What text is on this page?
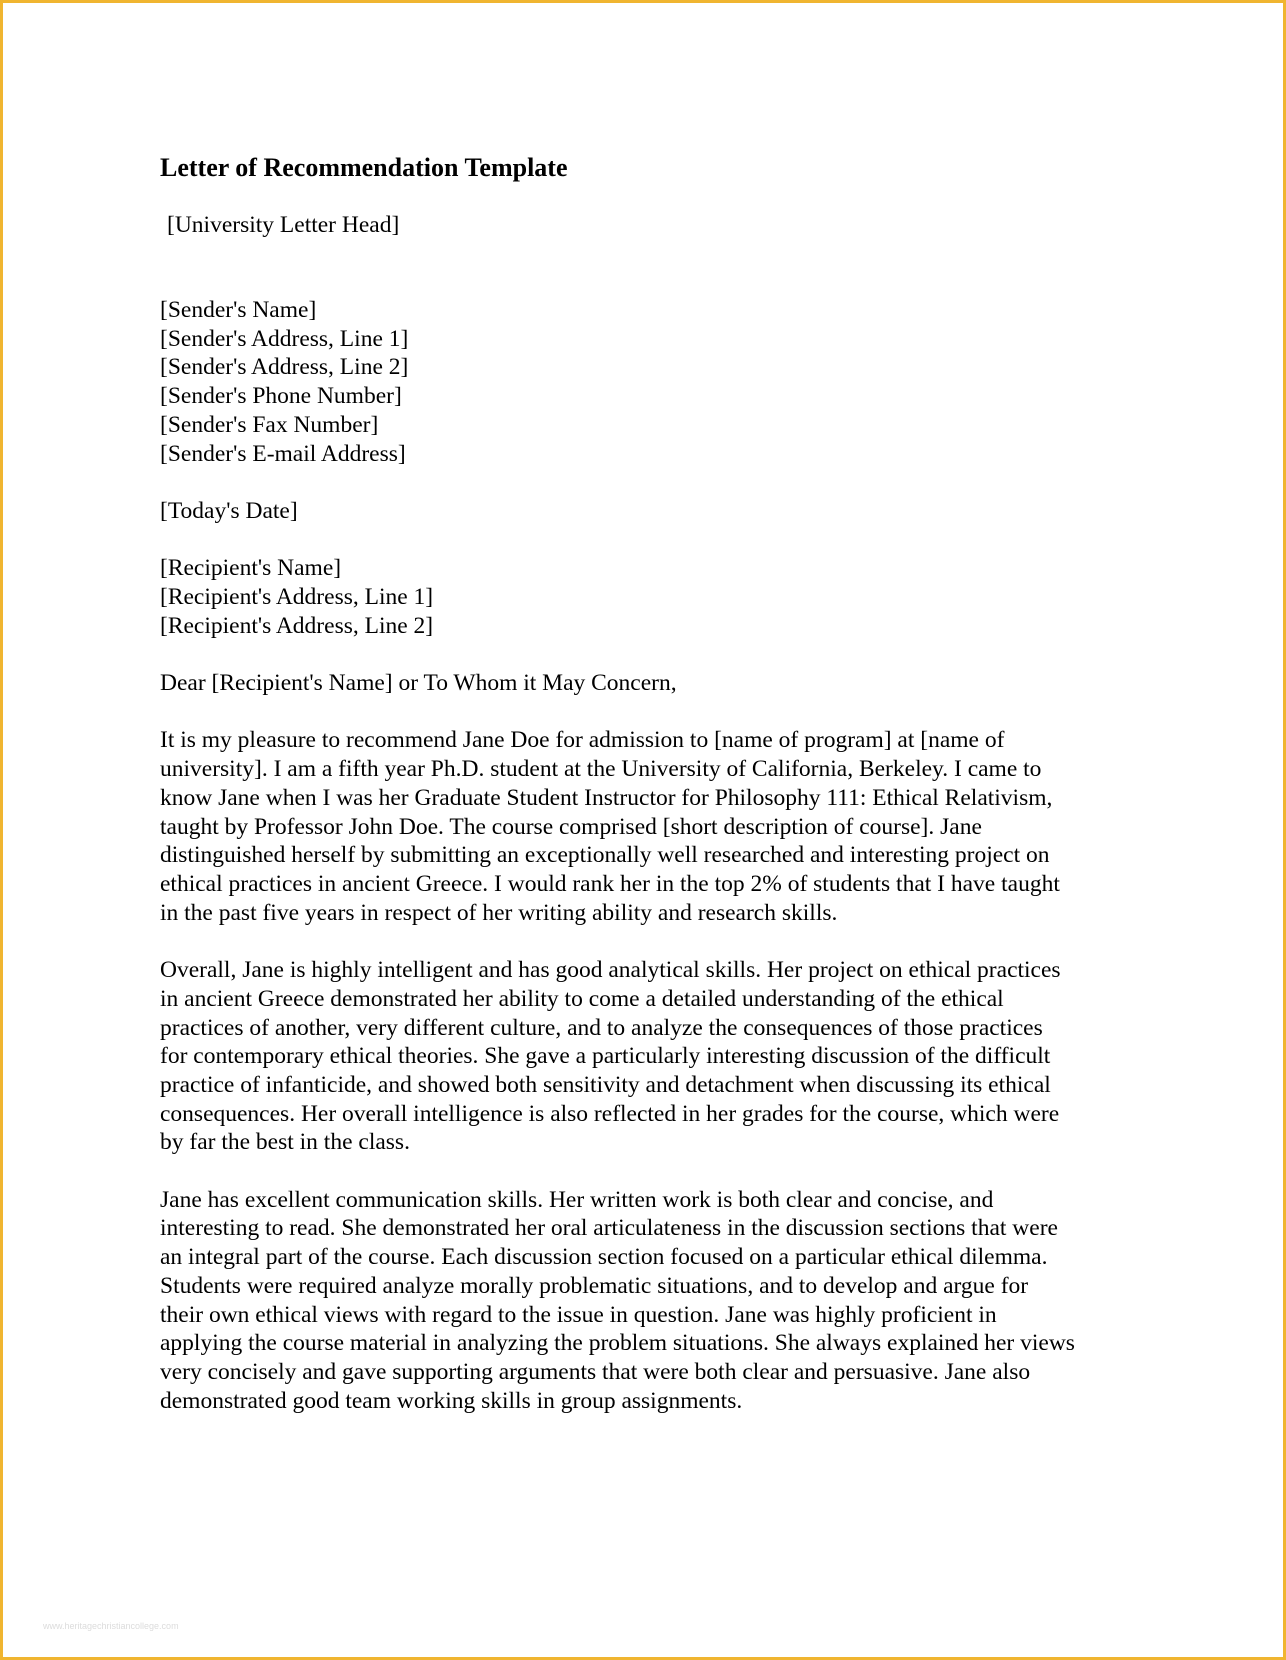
Letter of Recommendation Template
[University Letter Head]
[Sender's Name]
[Sender's Address, Line 1]
[Sender's Address, Line 2]
[Sender's Phone Number]
[Sender's Fax Number]
[Sender's E-mail Address]
[Today's Date]
[Recipient's Name]
[Recipient's Address, Line 1]
[Recipient's Address, Line 2]
Dear [Recipient's Name] or To Whom it May Concern,
It is my pleasure to recommend Jane Doe for admission to [name of program] at [name of
university]. I am a fifth year Ph.D. student at the University of California, Berkeley. I came to
know Jane when I was her Graduate Student Instructor for Philosophy 111: Ethical Relativism,
taught by Professor John Doe. The course comprised [short description of course]. Jane
distinguished herself by submitting an exceptionally well researched and interesting project on
ethical practices in ancient Greece. I would rank her in the top 2% of students that I have taught
in the past five years in respect of her writing ability and research skills.
Overall, Jane is highly intelligent and has good analytical skills. Her project on ethical practices
in ancient Greece demonstrated her ability to come a detailed understanding of the ethical
practices of another, very different culture, and to analyze the consequences of those practices
for contemporary ethical theories. She gave a particularly interesting discussion of the difficult
practice of infanticide, and showed both sensitivity and detachment when discussing its ethical
consequences. Her overall intelligence is also reflected in her grades for the course, which were
by far the best in the class.
Jane has excellent communication skills. Her written work is both clear and concise, and
interesting to read. She demonstrated her oral articulateness in the discussion sections that were
an integral part of the course. Each discussion section focused on a particular ethical dilemma.
Students were required analyze morally problematic situations, and to develop and argue for
their own ethical views with regard to the issue in question. Jane was highly proficient in
applying the course material in analyzing the problem situations. She always explained her views
very concisely and gave supporting arguments that were both clear and persuasive. Jane also
demonstrated good team working skills in group assignments.
www.heritagechristiancollege.com
